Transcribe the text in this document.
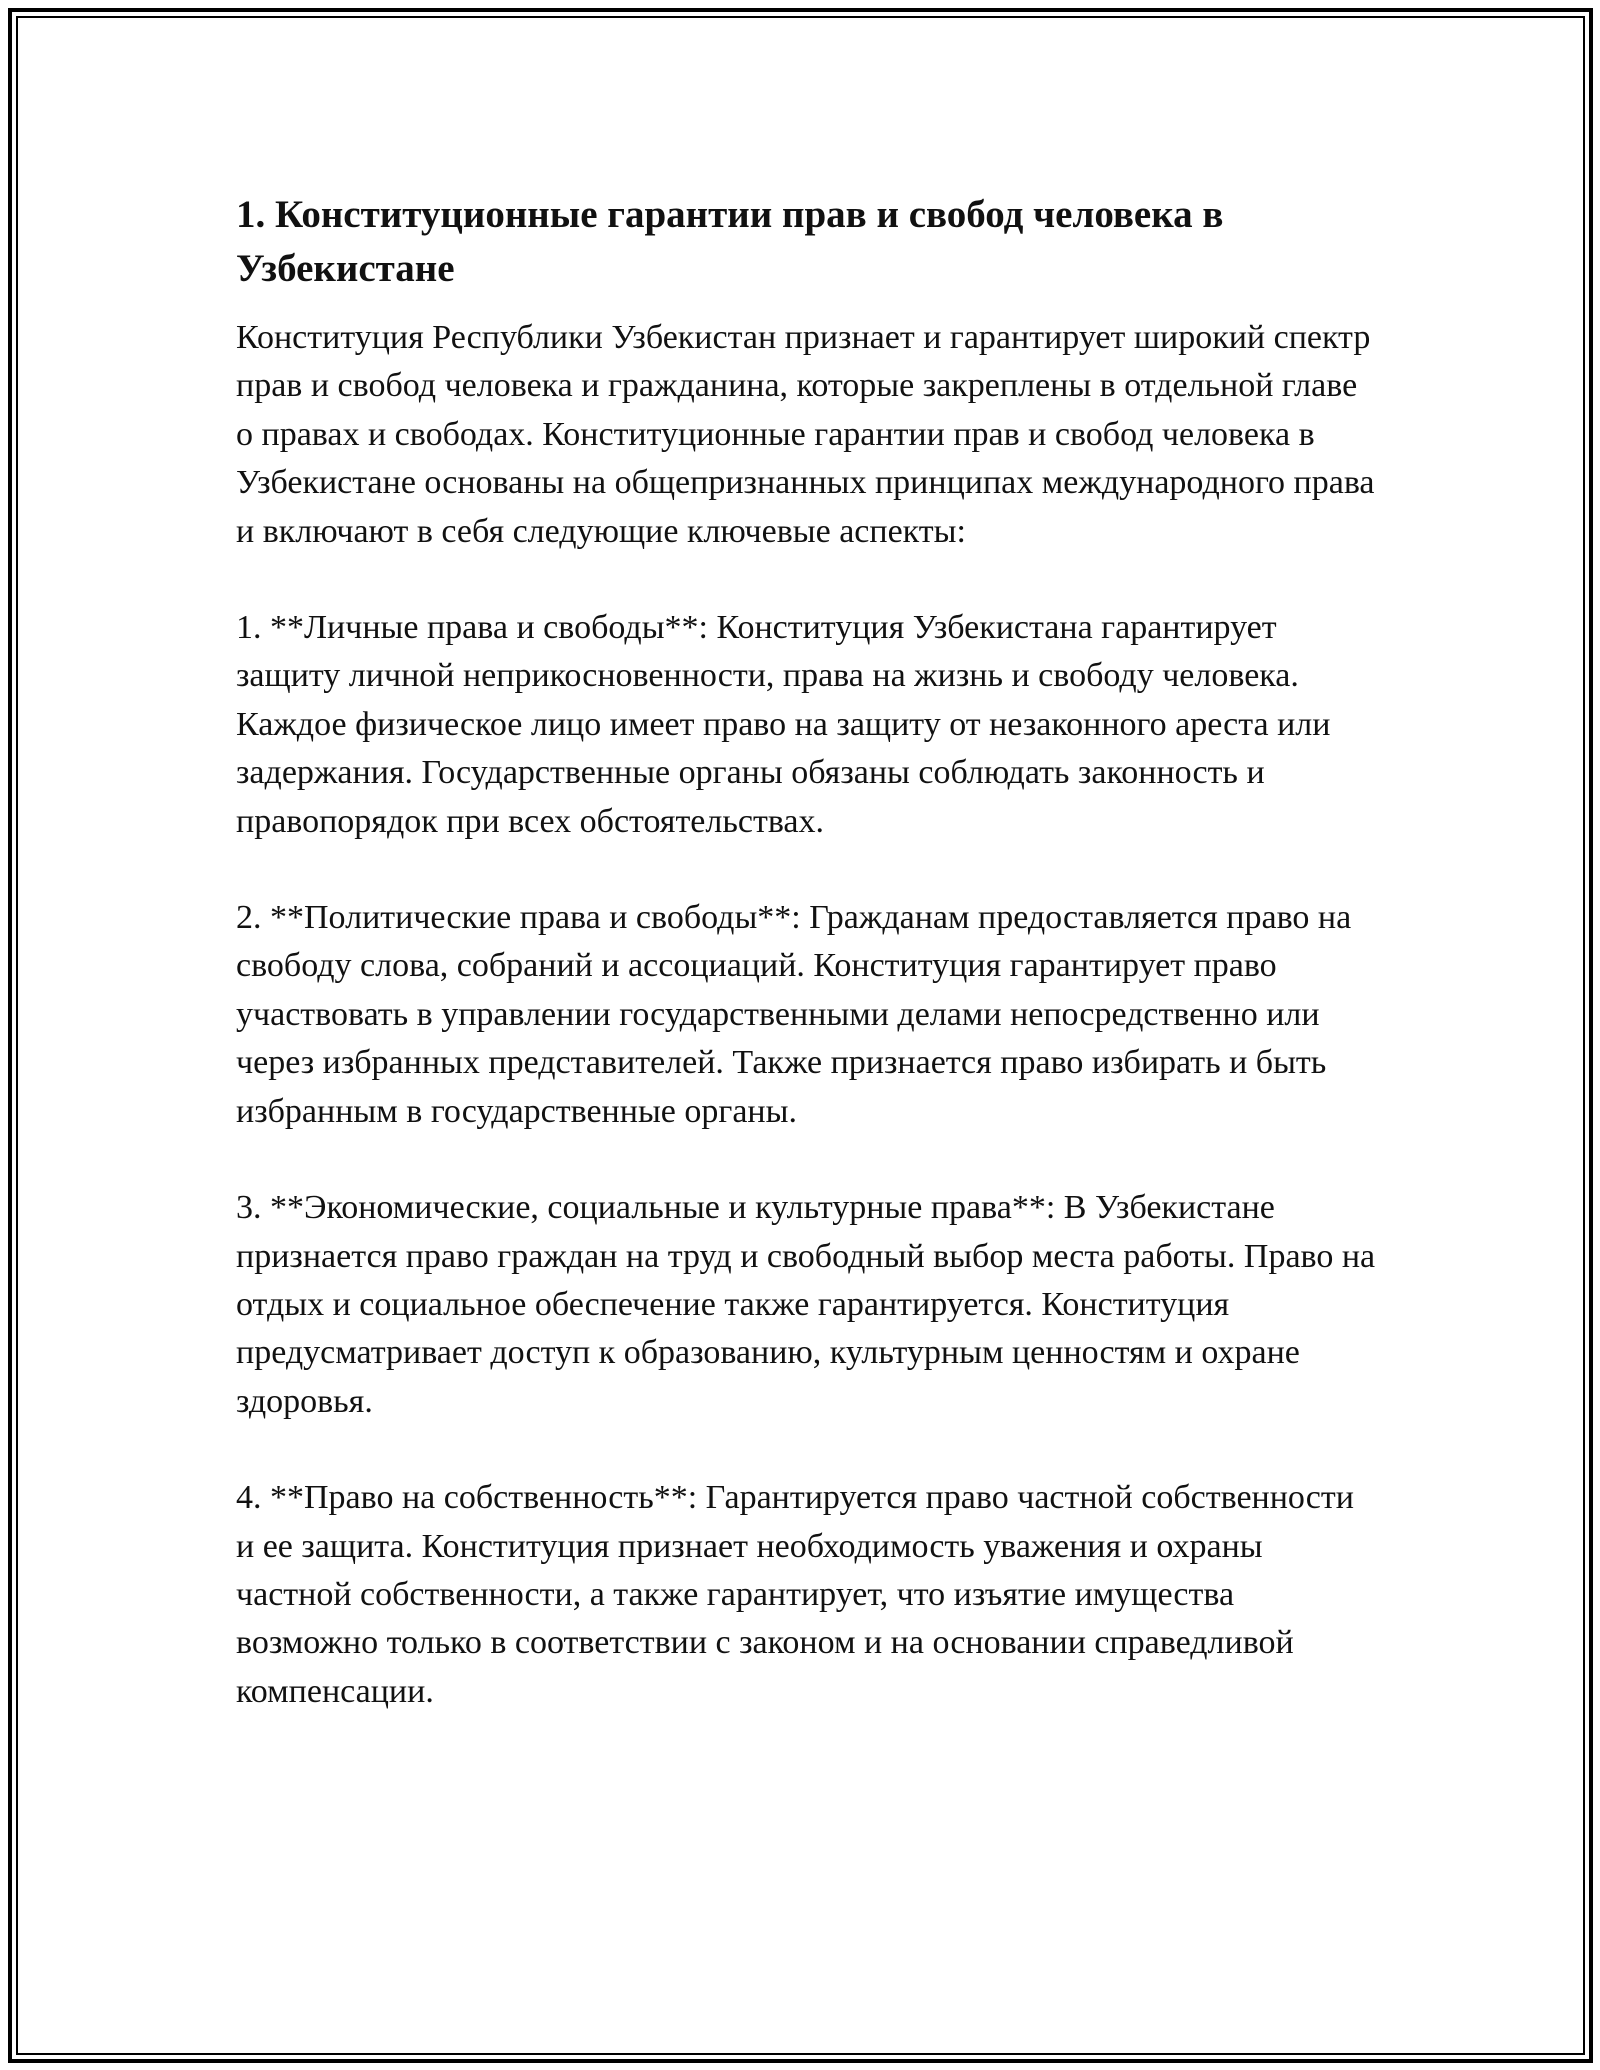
1. Конституционные гарантии прав и свобод человека в Узбекистане

Конституция Республики Узбекистан признает и гарантирует широкий спектр прав и свобод человека и гражданина, которые закреплены в отдельной главе о правах и свободах. Конституционные гарантии прав и свобод человека в Узбекистане основаны на общепризнанных принципах международного права и включают в себя следующие ключевые аспекты:

1. **Личные права и свободы**: Конституция Узбекистана гарантирует защиту личной неприкосновенности, права на жизнь и свободу человека. Каждое физическое лицо имеет право на защиту от незаконного ареста или задержания. Государственные органы обязаны соблюдать законность и правопорядок при всех обстоятельствах.

2. **Политические права и свободы**: Гражданам предоставляется право на свободу слова, собраний и ассоциаций. Конституция гарантирует право участвовать в управлении государственными делами непосредственно или через избранных представителей. Также признается право избирать и быть избранным в государственные органы.

3. **Экономические, социальные и культурные права**: В Узбекистане признается право граждан на труд и свободный выбор места работы. Право на отдых и социальное обеспечение также гарантируется. Конституция предусматривает доступ к образованию, культурным ценностям и охране здоровья.

4. **Право на собственность**: Гарантируется право частной собственности и ее защита. Конституция признает необходимость уважения и охраны частной собственности, а также гарантирует, что изъятие имущества возможно только в соответствии с законом и на основании справедливой компенсации.
